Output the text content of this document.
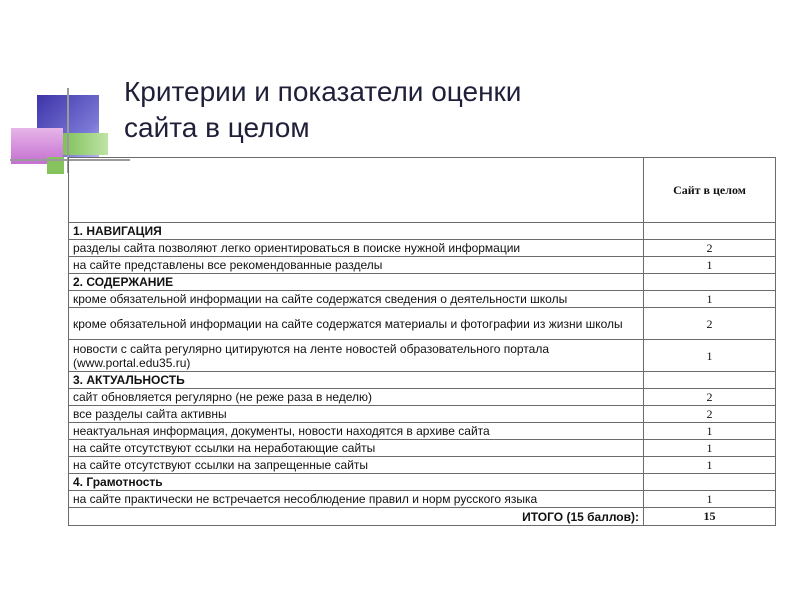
Критерии и показатели оценки
сайта в целом
	Сайт в целом
1. НАВИГАЦИЯ	
разделы сайта позволяют легко ориентироваться в поиске нужной информации	2
на сайте представлены все рекомендованные разделы	1
2. СОДЕРЖАНИЕ	
кроме обязательной информации на сайте содержатся сведения о деятельности школы	1
кроме обязательной информации на сайте содержатся материалы и фотографии из жизни школы	2
новости с сайта регулярно цитируются на ленте новостей образовательного портала (www.portal.edu35.ru)	1
3. АКТУАЛЬНОСТЬ	
сайт обновляется регулярно (не реже раза в неделю)	2
все разделы сайта активны	2
неактуальная информация, документы, новости находятся в архиве сайта	1
на сайте отсутствуют ссылки на неработающие сайты	1
на сайте отсутствуют ссылки на запрещенные сайты	1
4. Грамотность	
на сайте практически не встречается несоблюдение правил и норм русского языка	1
ИТОГО (15 баллов):	15
